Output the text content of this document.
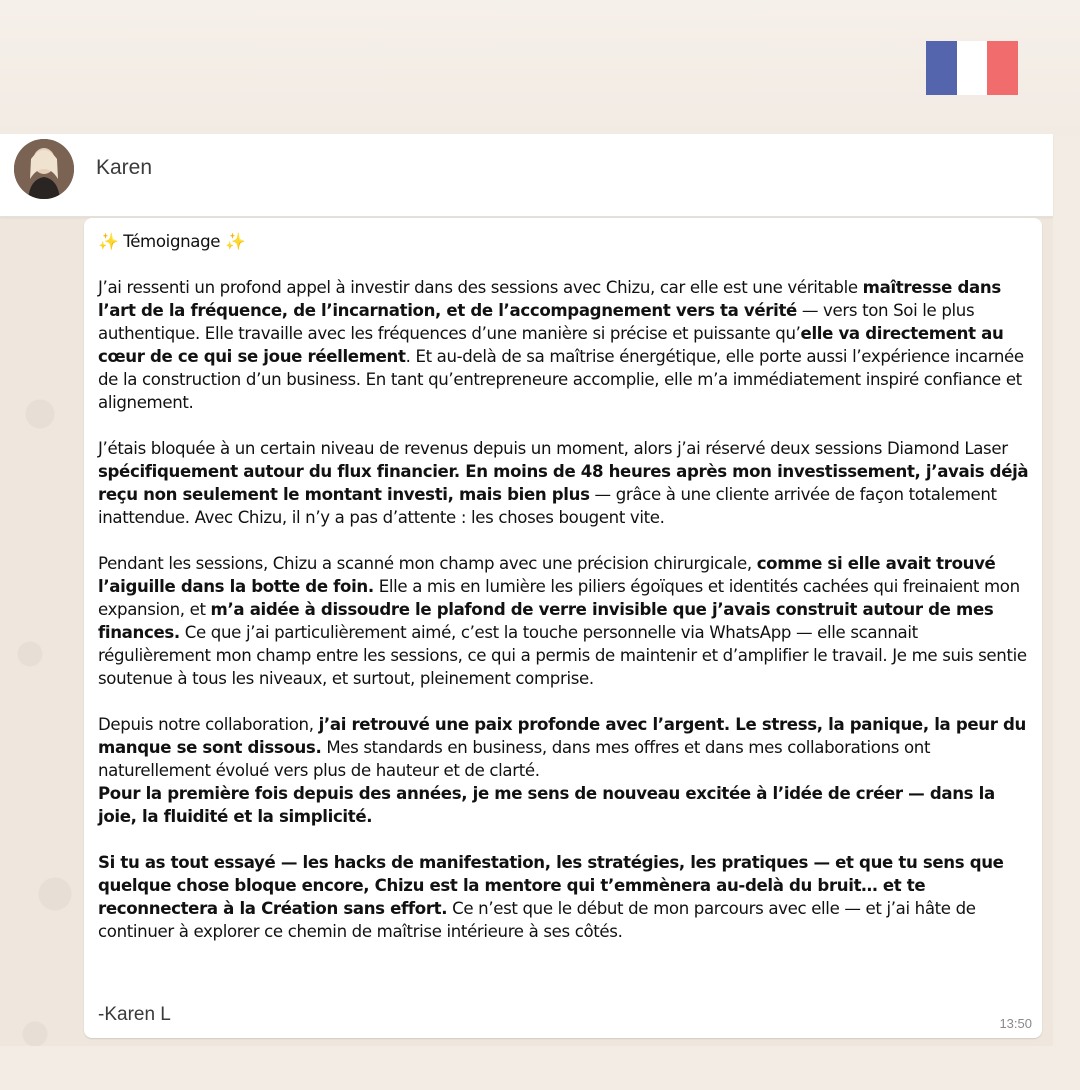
Karen

✨ Témoignage ✨

J’ai ressenti un profond appel à investir dans des sessions avec Chizu, car elle est une véritable maîtresse dans l’art de la fréquence, de l’incarnation, et de l’accompagnement vers ta vérité — vers ton Soi le plus authentique. Elle travaille avec les fréquences d’une manière si précise et puissante qu’elle va directement au cœur de ce qui se joue réellement. Et au-delà de sa maîtrise énergétique, elle porte aussi l’expérience incarnée de la construction d’un business. En tant qu’entrepreneure accomplie, elle m’a immédiatement inspiré confiance et alignement.

J’étais bloquée à un certain niveau de revenus depuis un moment, alors j’ai réservé deux sessions Diamond Laser spécifiquement autour du flux financier. En moins de 48 heures après mon investissement, j’avais déjà reçu non seulement le montant investi, mais bien plus — grâce à une cliente arrivée de façon totalement inattendue. Avec Chizu, il n’y a pas d’attente : les choses bougent vite.

Pendant les sessions, Chizu a scanné mon champ avec une précision chirurgicale, comme si elle avait trouvé l’aiguille dans la botte de foin. Elle a mis en lumière les piliers égoïques et identités cachées qui freinaient mon expansion, et m’a aidée à dissoudre le plafond de verre invisible que j’avais construit autour de mes finances. Ce que j’ai particulièrement aimé, c’est la touche personnelle via WhatsApp — elle scannait régulièrement mon champ entre les sessions, ce qui a permis de maintenir et d’amplifier le travail. Je me suis sentie soutenue à tous les niveaux, et surtout, pleinement comprise.

Depuis notre collaboration, j’ai retrouvé une paix profonde avec l’argent. Le stress, la panique, la peur du manque se sont dissous. Mes standards en business, dans mes offres et dans mes collaborations ont naturellement évolué vers plus de hauteur et de clarté.

Pour la première fois depuis des années, je me sens de nouveau excitée à l’idée de créer — dans la joie, la fluidité et la simplicité.

Si tu as tout essayé — les hacks de manifestation, les stratégies, les pratiques — et que tu sens que quelque chose bloque encore, Chizu est la mentore qui t’emmènera au-delà du bruit… et te reconnectera à la Création sans effort. Ce n’est que le début de mon parcours avec elle — et j’ai hâte de continuer à explorer ce chemin de maîtrise intérieure à ses côtés.

-Karen L	13:50
